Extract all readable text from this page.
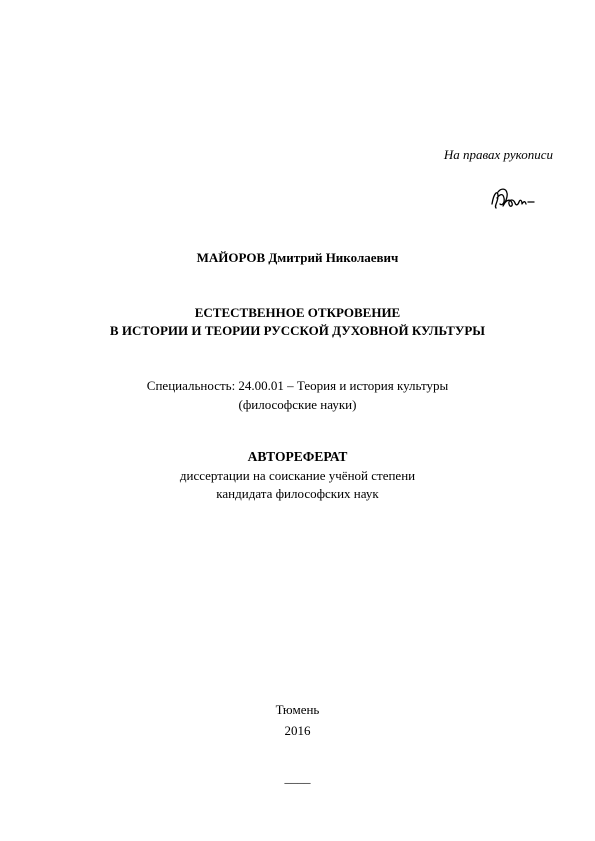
На правах рукописи
МАЙОРОВ Дмитрий Николаевич
ЕСТЕСТВЕННОЕ ОТКРОВЕНИЕ
В ИСТОРИИ И ТЕОРИИ РУССКОЙ ДУХОВНОЙ КУЛЬТУРЫ
Специальность: 24.00.01 – Теория и история культуры
(философские науки)
АВТОРЕФЕРАТ
диссертации на соискание учёной степени
кандидата философских наук
Тюмень
2016
____
